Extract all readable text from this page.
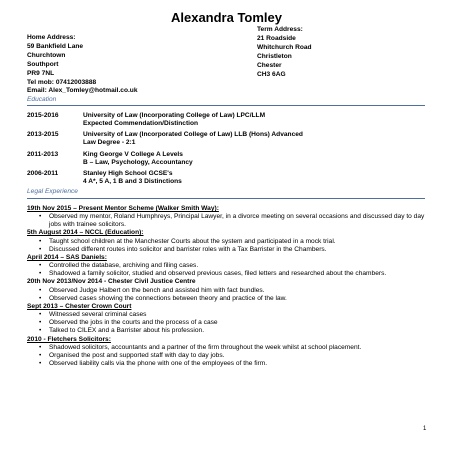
Alexandra Tomley
Home Address:
59 Bankfield Lane
Churchtown
Southport
PR9 7NL
Tel mob: 07412003888
Email: Alex_Tomley@hotmail.co.uk
Term Address:
21 Roadside
Whitchurch Road
Christleton
Chester
CH3 6AG
Education
2015-2016	University of Law (Incorporating College of Law) LPC/LLM
Expected Commendation/Distinction
2013-2015	University of Law (Incorporated College of Law) LLB (Hons) Advanced
Law Degree - 2:1
2011-2013	King George V College A Levels
B – Law, Psychology, Accountancy
2006-2011	Stanley High School GCSE's
4 A*, 5 A, 1 B and 3 Distinctions
Legal Experience
19th Nov 2015 – Present Mentor Scheme (Walker Smith Way):
• Observed my mentor, Roland Humphreys, Principal Lawyer, in a divorce meeting on several occasions and discussed day to day jobs with trainee solicitors.
5th August 2014 – NCCL (Education):
• Taught school children at the Manchester Courts about the system and participated in a mock trial.
• Discussed different routes into solicitor and barrister roles with a Tax Barrister in the Chambers.
April 2014 – SAS Daniels:
• Controlled the database, archiving and filing cases.
• Shadowed a family solicitor, studied and observed previous cases, filed letters and researched about the chambers.
20th Nov 2013/Nov 2014 - Chester Civil Justice Centre
• Observed Judge Halbert on the bench and assisted him with fact bundles.
• Observed cases showing the connections between theory and practice of the law.
Sept 2013 – Chester Crown Court
• Witnessed several criminal cases
• Observed the jobs in the courts and the process of a case
• Talked to CILEX and a Barrister about his profession.
2010 - Fletchers Solicitors:
• Shadowed solicitors, accountants and a partner of the firm throughout the week whilst at school placement.
• Organised the post and supported staff with day to day jobs.
• Observed liability calls via the phone with one of the employees of the firm.
1
